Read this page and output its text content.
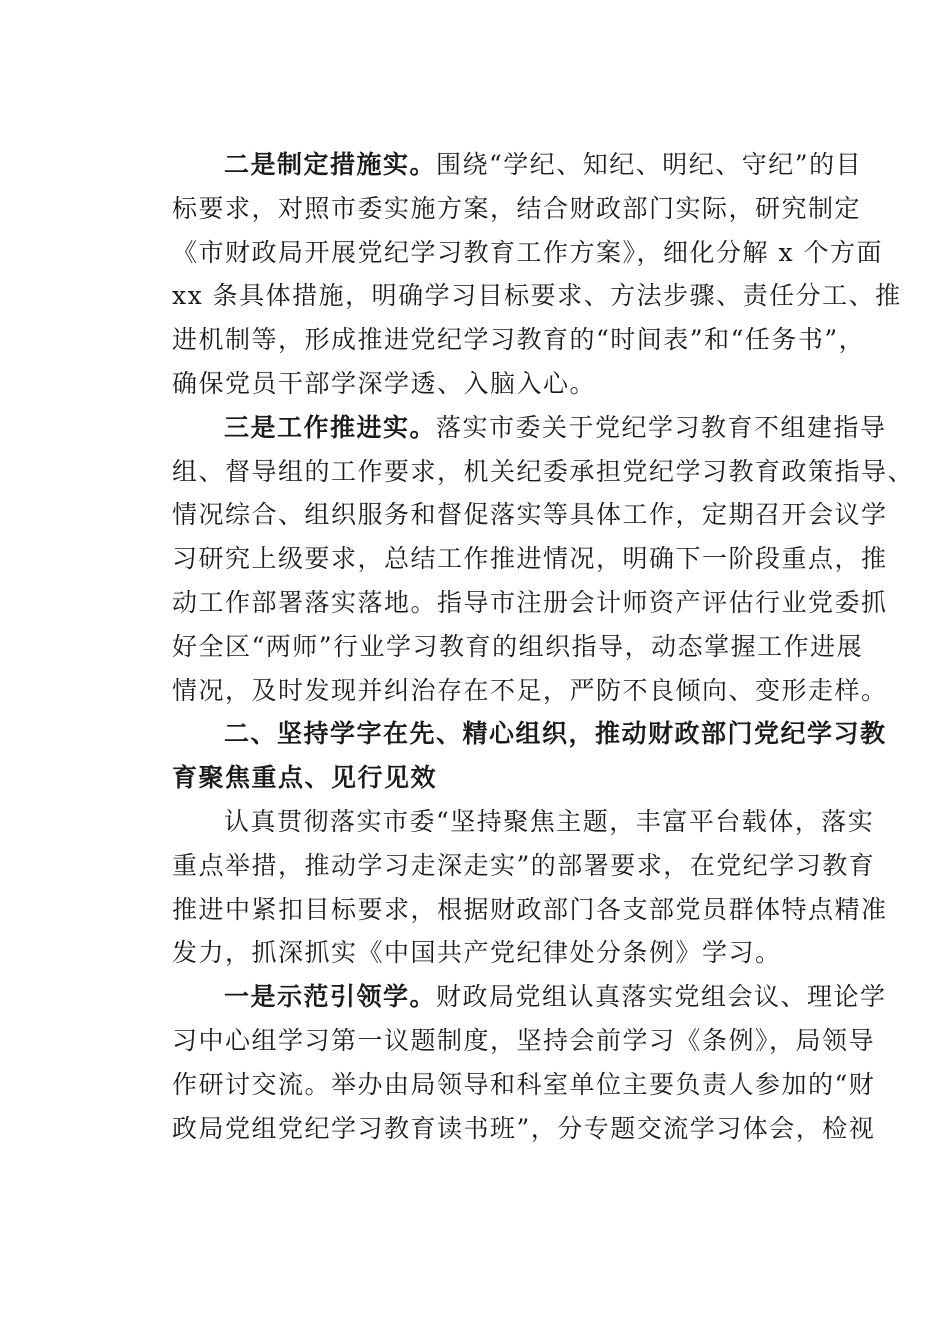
二是制定措施实。围绕“学纪、知纪、明纪、守纪”的目
标要求，对照市委实施方案，结合财政部门实际，研究制定
《市财政局开展党纪学习教育工作方案》，细化分解 x 个方面
xx 条具体措施，明确学习目标要求、方法步骤、责任分工、推
进机制等，形成推进党纪学习教育的“时间表”和“任务书”，
确保党员干部学深学透、入脑入心。
三是工作推进实。落实市委关于党纪学习教育不组建指导
组、督导组的工作要求，机关纪委承担党纪学习教育政策指导、
情况综合、组织服务和督促落实等具体工作，定期召开会议学
习研究上级要求，总结工作推进情况，明确下一阶段重点，推
动工作部署落实落地。指导市注册会计师资产评估行业党委抓
好全区“两师”行业学习教育的组织指导，动态掌握工作进展
情况，及时发现并纠治存在不足，严防不良倾向、变形走样。
二、坚持学字在先、精心组织，推动财政部门党纪学习教
育聚焦重点、见行见效
认真贯彻落实市委“坚持聚焦主题，丰富平台载体，落实
重点举措，推动学习走深走实”的部署要求，在党纪学习教育
推进中紧扣目标要求，根据财政部门各支部党员群体特点精准
发力，抓深抓实《中国共产党纪律处分条例》学习。
一是示范引领学。财政局党组认真落实党组会议、理论学
习中心组学习第一议题制度，坚持会前学习《条例》，局领导
作研讨交流。举办由局领导和科室单位主要负责人参加的“财
政局党组党纪学习教育读书班”，分专题交流学习体会，检视
